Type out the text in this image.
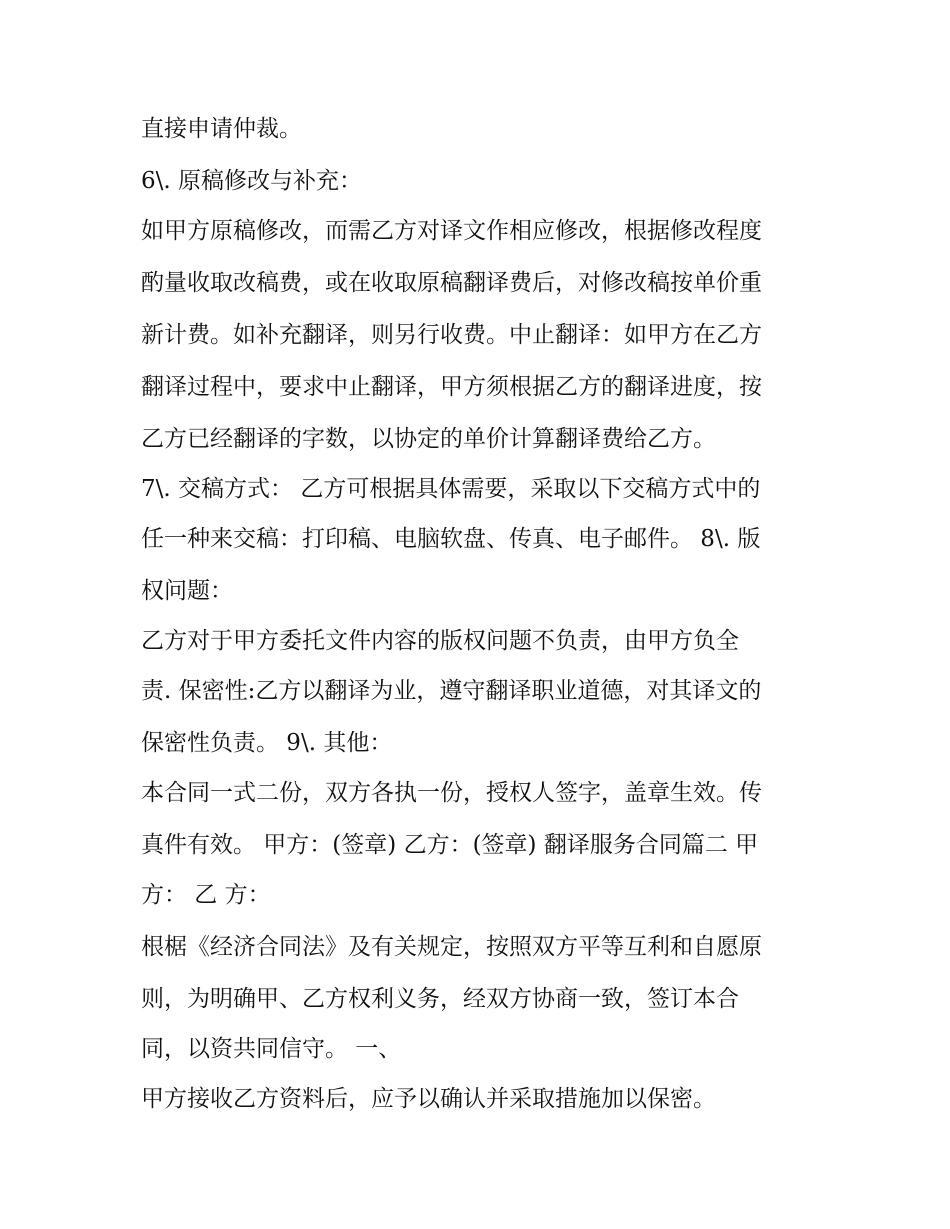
直接申请仲裁。

6\. 原稿修改与补充：

如甲方原稿修改，而需乙方对译文作相应修改，根据修改程度

酌量收取改稿费，或在收取原稿翻译费后，对修改稿按单价重

新计费。如补充翻译，则另行收费。中止翻译：如甲方在乙方

翻译过程中，要求中止翻译，甲方须根据乙方的翻译进度，按

乙方已经翻译的字数，以协定的单价计算翻译费给乙方。

7\. 交稿方式： 乙方可根据具体需要，采取以下交稿方式中的

任一种来交稿：打印稿、电脑软盘、传真、电子邮件。 8\. 版

权问题：

乙方对于甲方委托文件内容的版权问题不负责，由甲方负全

责. 保密性:乙方以翻译为业，遵守翻译职业道德，对其译文的

保密性负责。 9\. 其他：

本合同一式二份，双方各执一份，授权人签字，盖章生效。传

真件有效。 甲方：(签章) 乙方：(签章) 翻译服务合同篇二 甲

方： 乙 方：

根椐《经济合同法》及有关规定，按照双方平等互利和自愿原

则，为明确甲、乙方权利义务，经双方协商一致，签订本合

同，以资共同信守。 一、

甲方接收乙方资料后，应予以确认并采取措施加以保密。
